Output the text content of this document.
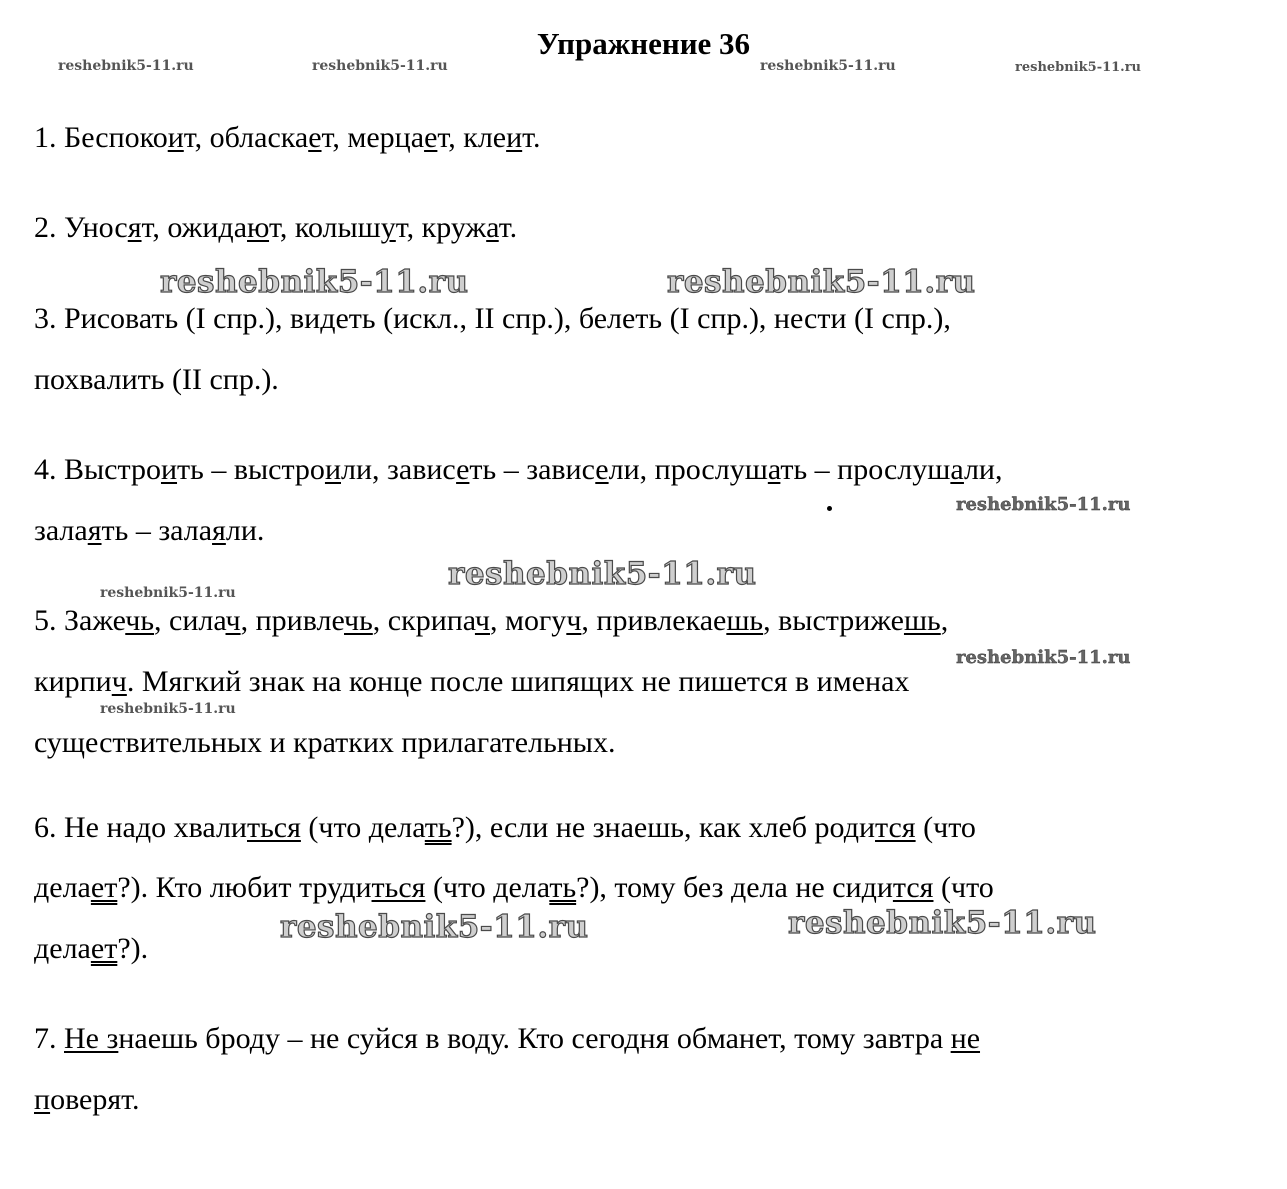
Упражнение 36
reshebnik5-11.ru	reshebnik5-11.ru	reshebnik5-11.ru	reshebnik5-11.ru
reshebnik5-11.ru	reshebnik5-11.ru
reshebnik5-11.ru
reshebnik5-11.ru
reshebnik5-11.ru
reshebnik5-11.ru
reshebnik5-11.ru
reshebnik5-11.ru	reshebnik5-11.ru
1. Беспокоит, обласкает, мерцает, клеит.
2. Уносят, ожидают, колышут, кружат.
3. Рисовать (I спр.), видеть (искл., II спр.), белеть (I спр.), нести (I спр.),
похвалить (II спр.).
4. Выстроить – выстроили, зависеть – зависели, прослушать – прослушали,
залаять – залаяли.
5. Зажечь, силач, привлечь, скрипач, могуч, привлекаешь, выстрижешь,
кирпич. Мягкий знак на конце после шипящих не пишется в именах
существительных и кратких прилагательных.
6. Не надо хвалиться (что делать?), если не знаешь, как хлеб родится (что
делает?). Кто любит трудиться (что делать?), тому без дела не сидится (что
делает?).
7. Не знаешь броду – не суйся в воду. Кто сегодня обманет, тому завтра не
поверят.
